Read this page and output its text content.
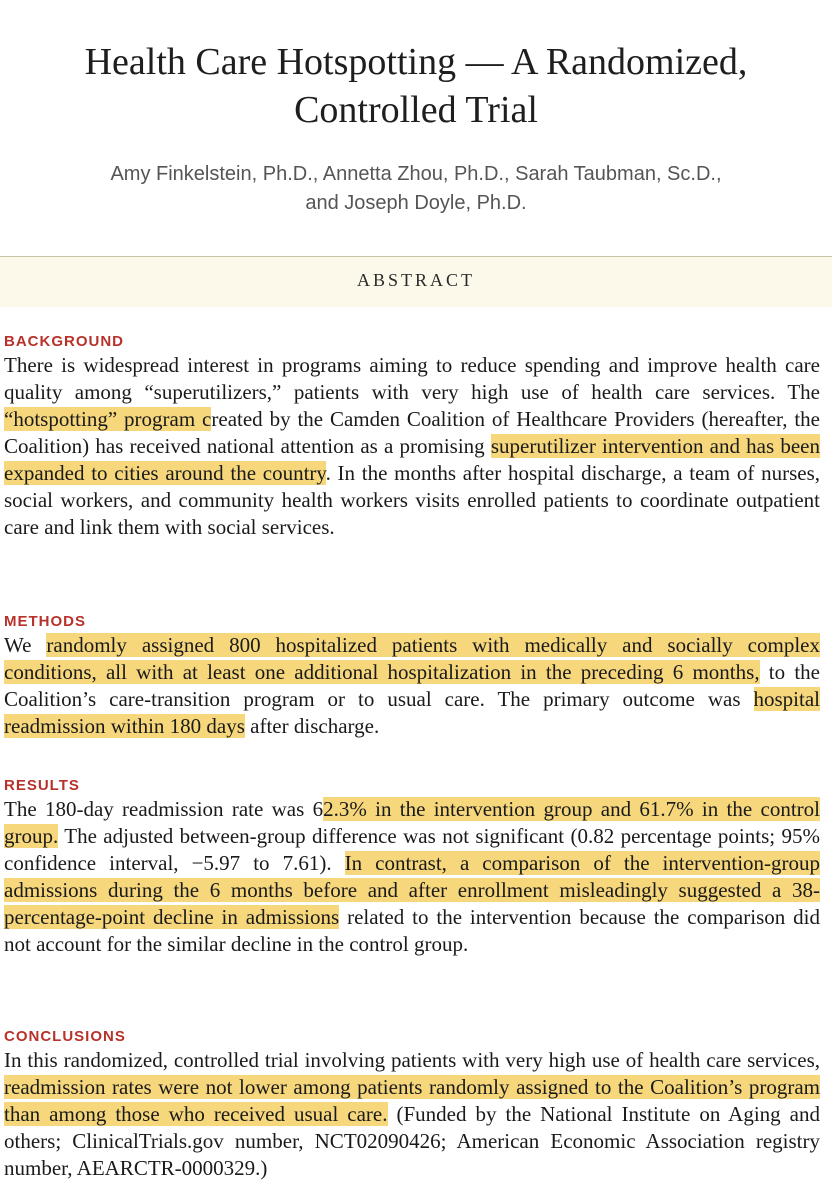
Health Care Hotspotting — A Randomized,
Controlled Trial
Amy Finkelstein, Ph.D., Annetta Zhou, Ph.D., Sarah Taubman, Sc.D.,
and Joseph Doyle, Ph.D.
ABSTRACT
BACKGROUND
There is widespread interest in programs aiming to reduce spending and improve health care quality among “superutilizers,” patients with very high use of health care services. The “hotspotting” program created by the Camden Coalition of Healthcare Providers (hereafter, the Coalition) has received national attention as a promising superutilizer intervention and has been expanded to cities around the country. In the months after hospital discharge, a team of nurses, social workers, and community health workers visits enrolled patients to coordinate outpatient care and link them with social services.
METHODS
We randomly assigned 800 hospitalized patients with medically and socially complex conditions, all with at least one additional hospitalization in the preceding 6 months, to the Coalition’s care-transition program or to usual care. The primary outcome was hospital readmission within 180 days after discharge.
RESULTS
The 180-day readmission rate was 62.3% in the intervention group and 61.7% in the control group. The adjusted between-group difference was not significant (0.82 percentage points; 95% confidence interval, −5.97 to 7.61). In contrast, a comparison of the intervention-group admissions during the 6 months before and after enrollment misleadingly suggested a 38-percentage-point decline in admissions related to the intervention because the comparison did not account for the similar decline in the control group.
CONCLUSIONS
In this randomized, controlled trial involving patients with very high use of health care services, readmission rates were not lower among patients randomly assigned to the Coalition’s program than among those who received usual care. (Funded by the National Institute on Aging and others; ClinicalTrials.gov number, NCT02090426; American Economic Association registry number, AEARCTR-0000329.)
